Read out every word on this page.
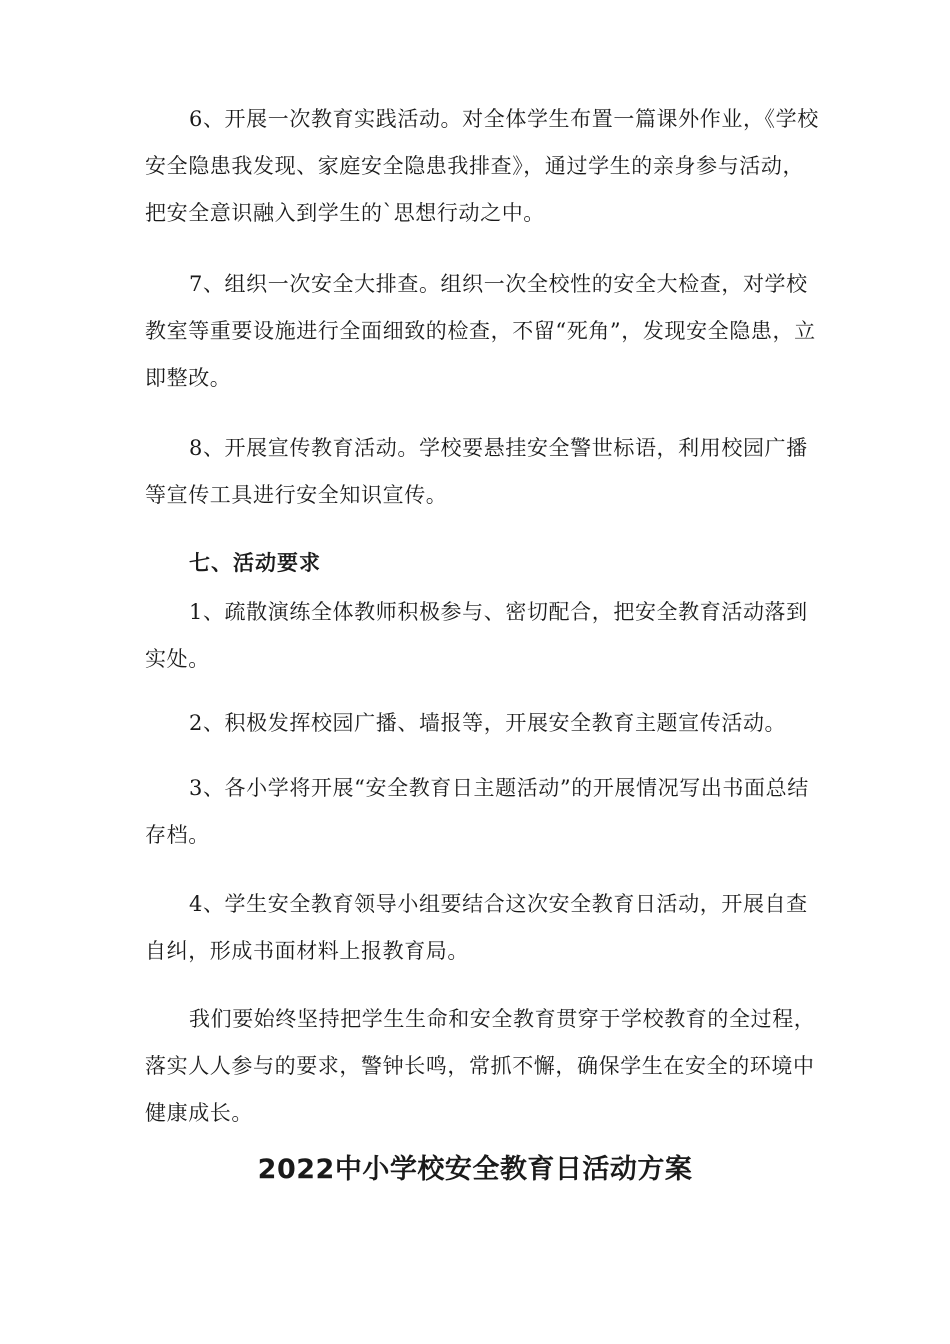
6、开展一次教育实践活动。对全体学生布置一篇课外作业，《学校安全隐患我发现、家庭安全隐患我排查》，通过学生的亲身参与活动，把安全意识融入到学生的`思想行动之中。

7、组织一次安全大排查。组织一次全校性的安全大检查，对学校教室等重要设施进行全面细致的检查，不留“死角”，发现安全隐患，立即整改。

8、开展宣传教育活动。学校要悬挂安全警世标语，利用校园广播等宣传工具进行安全知识宣传。

七、活动要求

1、疏散演练全体教师积极参与、密切配合，把安全教育活动落到实处。

2、积极发挥校园广播、墙报等，开展安全教育主题宣传活动。

3、各小学将开展“安全教育日主题活动”的开展情况写出书面总结存档。

4、学生安全教育领导小组要结合这次安全教育日活动，开展自查自纠，形成书面材料上报教育局。

我们要始终坚持把学生生命和安全教育贯穿于学校教育的全过程，落实人人参与的要求，警钟长鸣，常抓不懈，确保学生在安全的环境中健康成长。

2022中小学校安全教育日活动方案
